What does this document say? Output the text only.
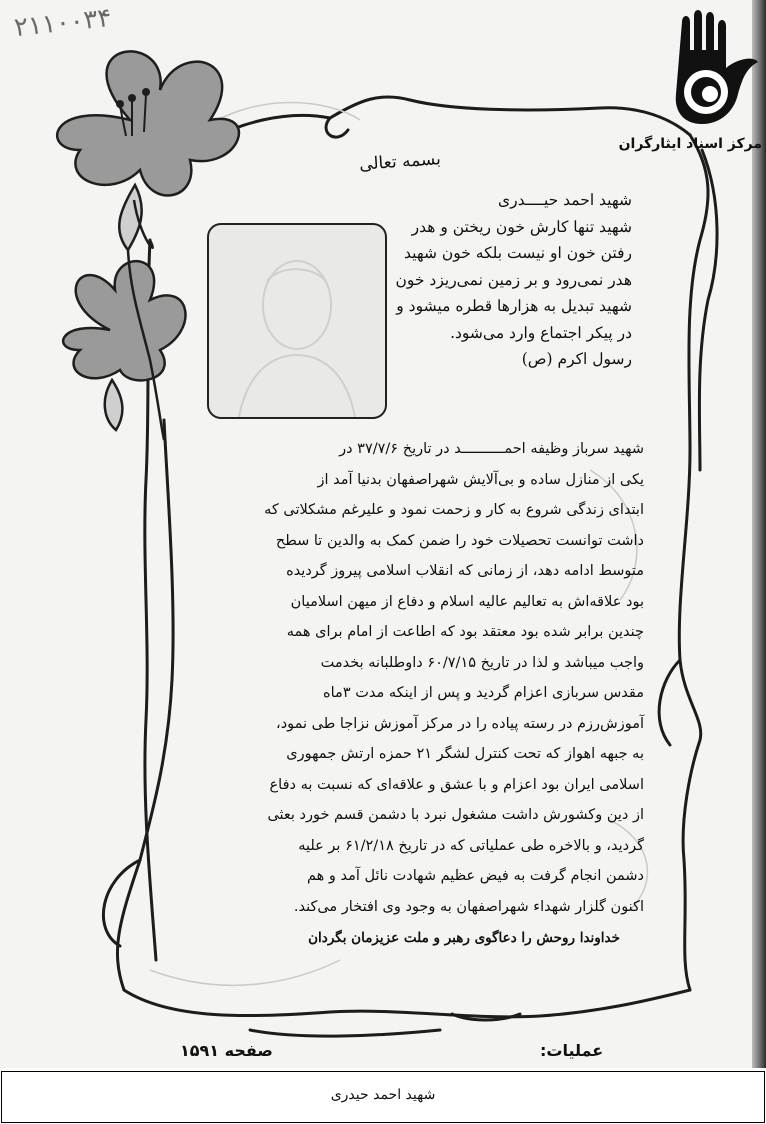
۲۱۱۰۰۳۴
مرکز اسناد ایثارگران
بسمه تعالی
شهید احمد حیــــدری
شهید تنها کارش خون ریختن و هدر
رفتن خون او نیست بلکه خون شهید
هدر نمی‌رود و بر زمین نمی‌ریزد خون
شهید تبدیل به هزارها قطره میشود و
در پیکر اجتماع وارد می‌شود.
رسول اکرم (ص)
شهید سرباز وظیفه احمــــــــــد در تاریخ ۳۷/۷/۶ در
یکی از منازل ساده و بی‌آلایش شهراصفهان بدنیا آمد از
ابتدای زندگی شروع به کار و زحمت نمود و علیرغم مشکلاتی که
داشت توانست تحصیلات خود را ضمن کمک به والدین تا سطح
متوسط ادامه دهد، از زمانی که انقلاب اسلامی پیروز گردیده
بود علاقه‌اش به تعالیم عالیه اسلام و دفاع از میهن اسلامیان
چندین برابر شده بود معتقد بود که اطاعت از امام برای همه
واجب میباشد و لذا در تاریخ ۶۰/۷/۱۵ داوطلبانه بخدمت
مقدس سربازی اعزام گردید و پس از اینکه مدت ۳ماه
آموزش‌رزم در رسته پیاده را در مرکز آموزش نزاجا طی نمود،
به جبهه اهواز که تحت کنترل لشگر ۲۱ حمزه ارتش جمهوری
اسلامی ایران بود اعزام و با عشق و علاقه‌ای که نسبت به دفاع
از دین وکشورش داشت مشغول نبرد با دشمن قسم خورد بعثی
گردید، و بالاخره طی عملیاتی که در تاریخ ۶۱/۲/۱۸ بر علیه
دشمن انجام گرفت به فیض عظیم شهادت نائل آمد و هم
اکنون گلزار شهداء شهراصفهان به وجود وی افتخار می‌کند.
خداوندا روحش را دعاگوی رهبر و ملت عزیزمان بگردان
صفحه ۱۵۹۱	عملیات:
شهید احمد حیدری
